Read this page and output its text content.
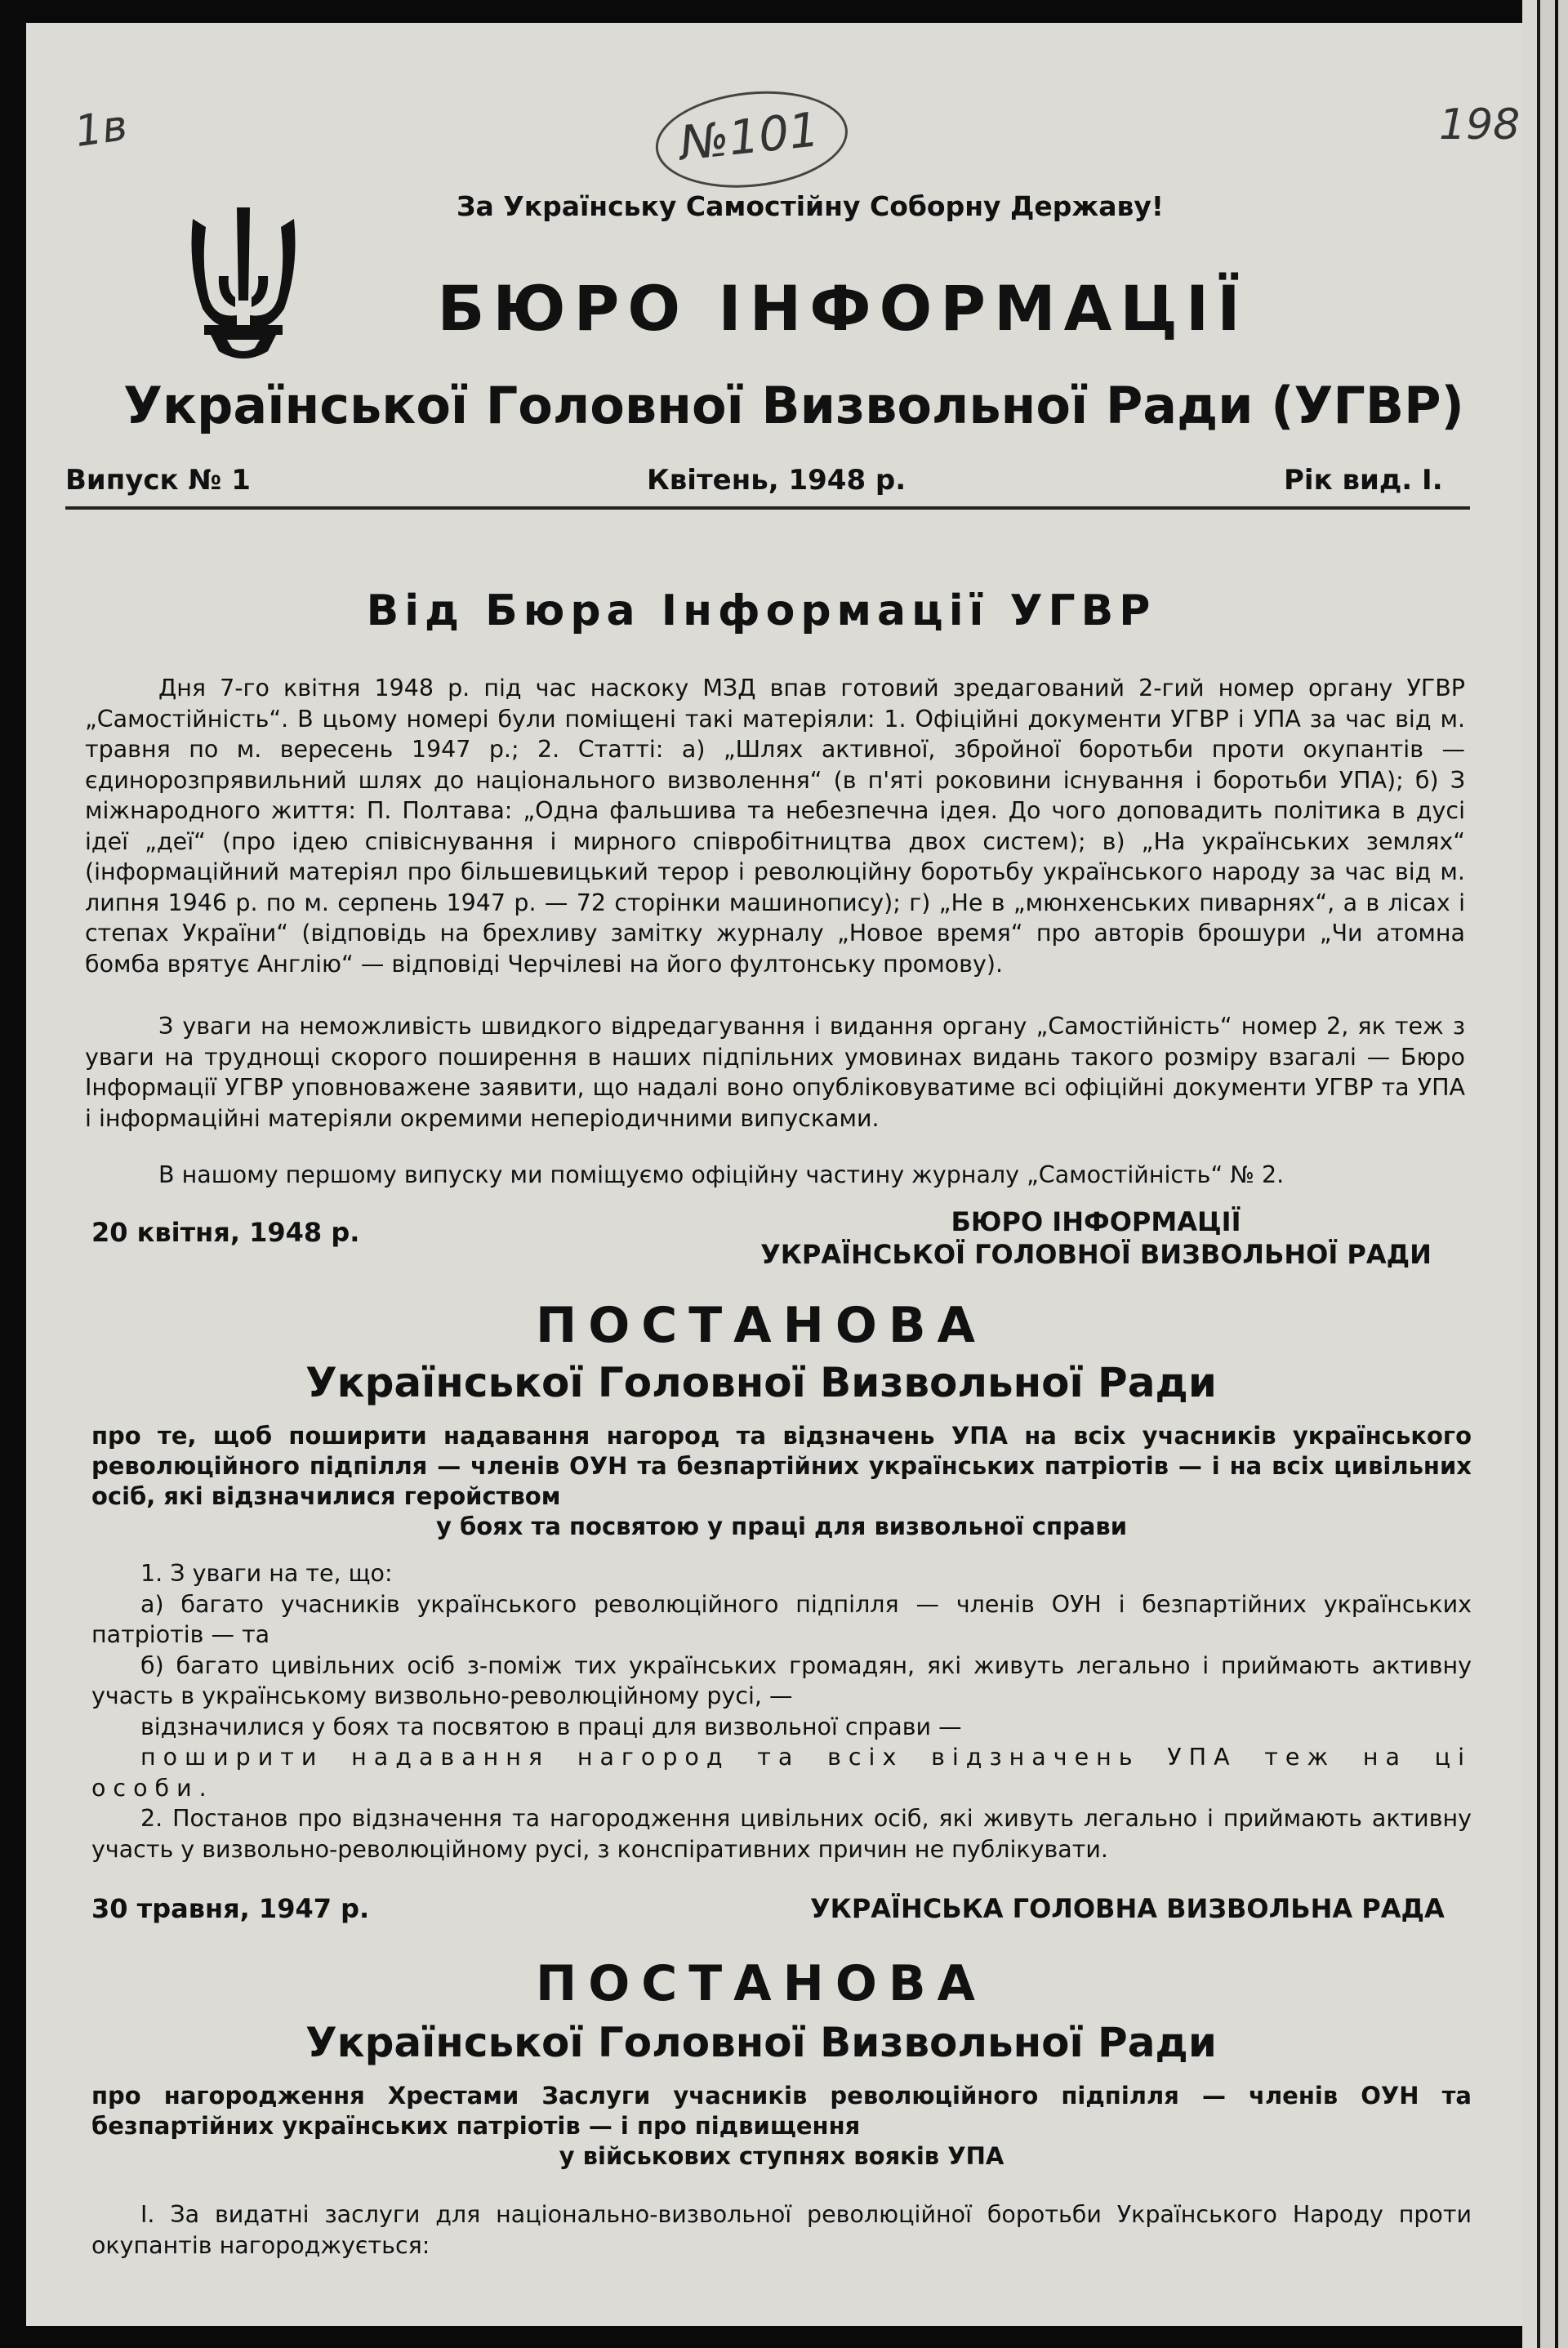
1в	№101	198
За Українську Самостійну Соборну Державу!
БЮРО ІНФОРМАЦІЇ
Української Головної Визвольної Ради (УГВР)
Випуск № 1	Квітень, 1948 р.	Рік вид. І.
Від Бюра Інформації УГВР
Дня 7-го квітня 1948 р. під час наскоку МЗД впав готовий зредагований 2-гий номер органу УГВР „Самостійність“. В цьому номері були поміщені такі матеріяли: 1. Офіційні документи УГВР і УПА за час від м. травня по м. вересень 1947 р.; 2. Статті: а) „Шлях активної, збройної боротьби проти окупантів — єдинорозпрявильний шлях до національного визволення“ (в п'яті роковини існування і боротьби УПА); б) З міжнародного життя: П. Полтава: „Одна фальшива та небезпечна ідея. До чого доповадить політика в дусі ідеї „деї“ (про ідею співіснування і мирного співробітництва двох систем); в) „На українських землях“ (інформаційний матеріял про більшевицький терор і революційну боротьбу українського народу за час від м. липня 1946 р. по м. серпень 1947 р. — 72 сторінки машинопису); г) „Не в „мюнхенських пиварнях“, а в лісах і степах України“ (відповідь на брехливу замітку журналу „Новое время“ про авторів брошури „Чи атомна бомба врятує Англію“ — відповіді Черчілеві на його фултонську промову).
З уваги на неможливість швидкого відредагування і видання органу „Самостійність“ номер 2, як теж з уваги на труднощі скорого поширення в наших підпільних умовинах видань такого розміру взагалі — Бюро Інформації УГВР уповноважене заявити, що надалі воно опубліковуватиме всі офіційні документи УГВР та УПА і інформаційні матеріяли окремими неперіодичними випусками.
В нашому першому випуску ми поміщуємо офіційну частину журналу „Самостійність“ № 2.
20 квітня, 1948 р.	БЮРО ІНФОРМАЦІЇ
УКРАЇНСЬКОЇ ГОЛОВНОЇ ВИЗВОЛЬНОЇ РАДИ
ПОСТАНОВА
Української Головної Визвольної Ради
про те, щоб поширити надавання нагород та відзначень УПА на всіх учасників українського революційного підпілля — членів ОУН та безпартійних українських патріотів — і на всіх цивільних осіб, які відзначилися геройством
у боях та посвятою у праці для визвольної справи
1. З уваги на те, що:
а) багато учасників українського революційного підпілля — членів ОУН і безпартійних українських патріотів — та
б) багато цивільних осіб з-поміж тих українських громадян, які живуть легально і приймають активну участь в українському визвольно-революційному русі, —
відзначилися у боях та посвятою в праці для визвольної справи —
поширити надавання нагород та всіх відзначень УПА теж на ці особи.
2. Постанов про відзначення та нагородження цивільних осіб, які живуть легально і приймають активну участь у визвольно-революційному русі, з конспіративних причин не публікувати.
30 травня, 1947 р.	УКРАЇНСЬКА ГОЛОВНА ВИЗВОЛЬНА РАДА
ПОСТАНОВА
Української Головної Визвольної Ради
про нагородження Хрестами Заслуги учасників революційного підпілля — членів ОУН та безпартійних українських патріотів — і про підвищення
у військових ступнях вояків УПА
І. За видатні заслуги для національно-визвольної революційної боротьби Українського Народу проти окупантів нагороджується:
